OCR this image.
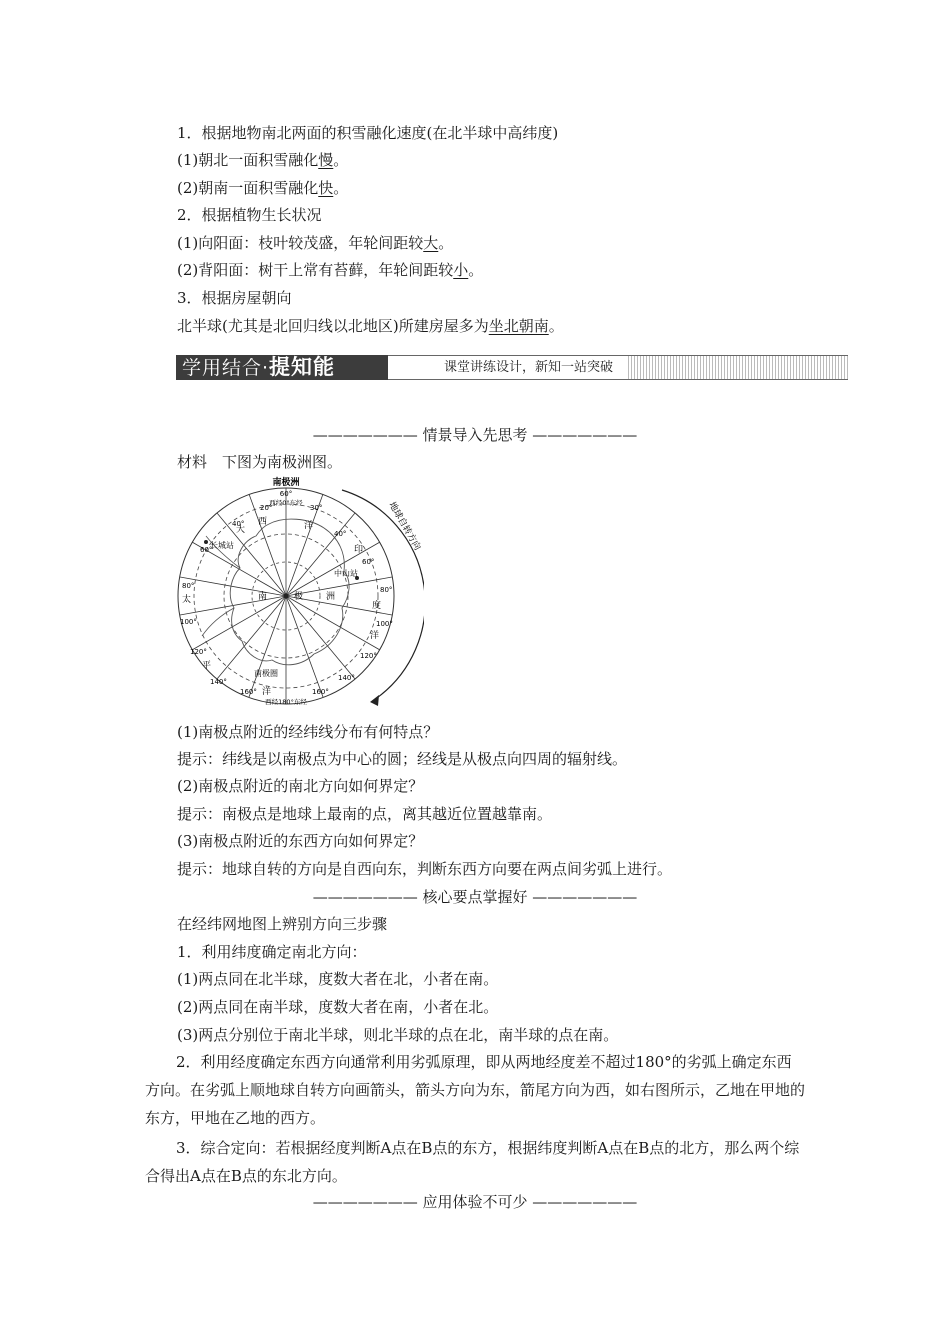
1．根据地物南北两面的积雪融化速度(在北半球中高纬度)
(1)朝北一面积雪融化慢。
(2)朝南一面积雪融化快。
2．根据植物生长状况
(1)向阳面：枝叶较茂盛，年轮间距较大。
(2)背阳面：树干上常有苔藓，年轮间距较小。
3．根据房屋朝向
北半球(尤其是北回归线以北地区)所建房屋多为坐北朝南。
学用结合·提知能	课堂讲练设计，新知一站突破
——————— 情景导入先思考 ———————
材料　下图为南极洲图。
南极洲
西经0°东经
西经180°东经
地球自转方向
60°
20°	30°
40°
40°
60°
60°
80°	80°
100°	100°
120°	120°
140°	140°
160°	160°
大
西	洋
印
度
洋
太
平
洋
南	极	洲
南极圈
长城站
中山站
(1)南极点附近的经纬线分布有何特点？
提示：纬线是以南极点为中心的圆；经线是从极点向四周的辐射线。
(2)南极点附近的南北方向如何界定？
提示：南极点是地球上最南的点，离其越近位置越靠南。
(3)南极点附近的东西方向如何界定？
提示：地球自转的方向是自西向东，判断东西方向要在两点间劣弧上进行。
——————— 核心要点掌握好 ———————
在经纬网地图上辨别方向三步骤
1．利用纬度确定南北方向：
(1)两点同在北半球，度数大者在北，小者在南。
(2)两点同在南半球，度数大者在南，小者在北。
(3)两点分别位于南北半球，则北半球的点在北，南半球的点在南。
2．利用经度确定东西方向通常利用劣弧原理，即从两地经度差不超过180°的劣弧上确定东西方向。在劣弧上顺地球自转方向画箭头，箭头方向为东，箭尾方向为西，如右图所示，乙地在甲地的东方，甲地在乙地的西方。
3．综合定向：若根据经度判断A点在B点的东方，根据纬度判断A点在B点的北方，那么两个综合得出A点在B点的东北方向。
——————— 应用体验不可少 ———————
